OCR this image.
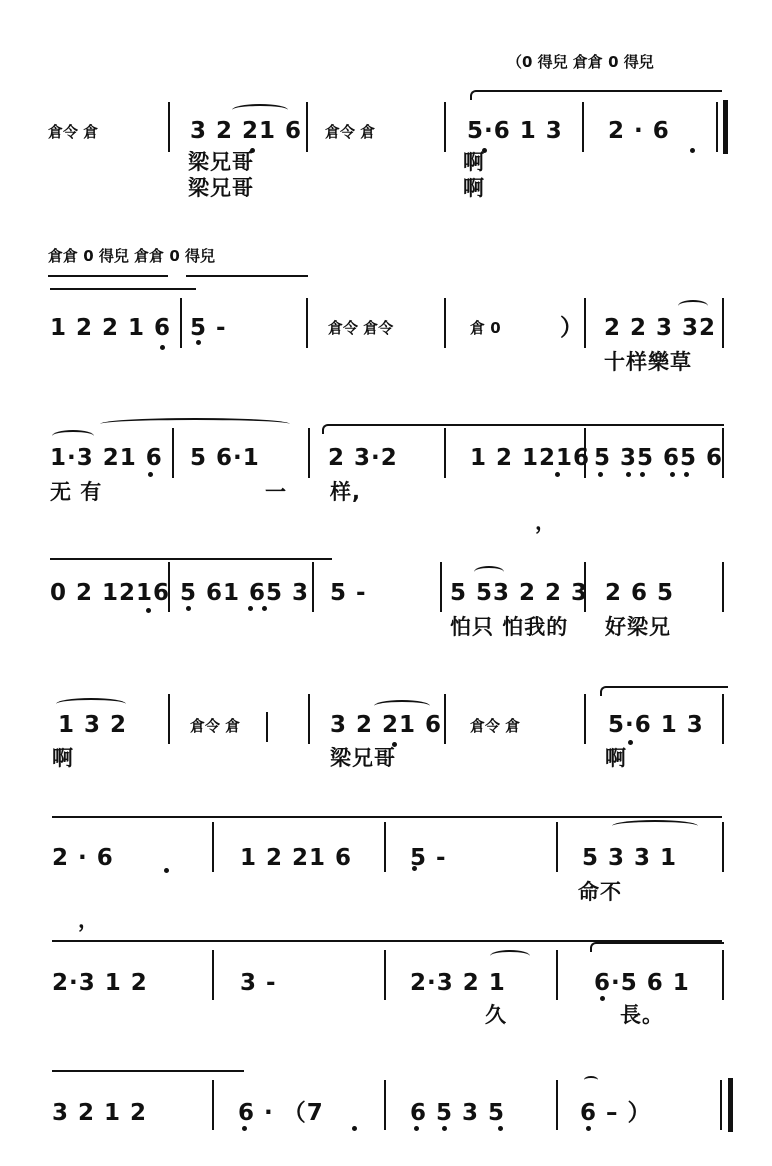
（0 得兒 倉倉 0 得兒
倉令 倉	3 2 21 6 倉令 倉	5·6 1 3 2 · 6
梁兄哥	啊
梁兄哥	啊
倉倉 0 得兒 倉倉 0 得兒
1 2 2 1 6 5 -	倉令 倉令	倉 0	） 2 2 3 32
十样樂草
1·3 21 6 5 6·1	2 3·2	1 2 1216 5 35 65 6
无 有	一 样,
，
0 2 1216 5 61 65 3 5 -	5 53 2 2 3 2 6 5
怕只 怕我的 好梁兄
1 3 2	倉令 倉	3 2 21 6 倉令 倉	5·6 1 3
啊	梁兄哥	啊
2 · 6	1 2 21 6	5 -	5 3 3 1
命不
，
2·3 1 2	3 -	2·3 2 1	6·5 6 1
久	長。
3 2 1 2	6 · （7	6 5 3 5	6 – ）
